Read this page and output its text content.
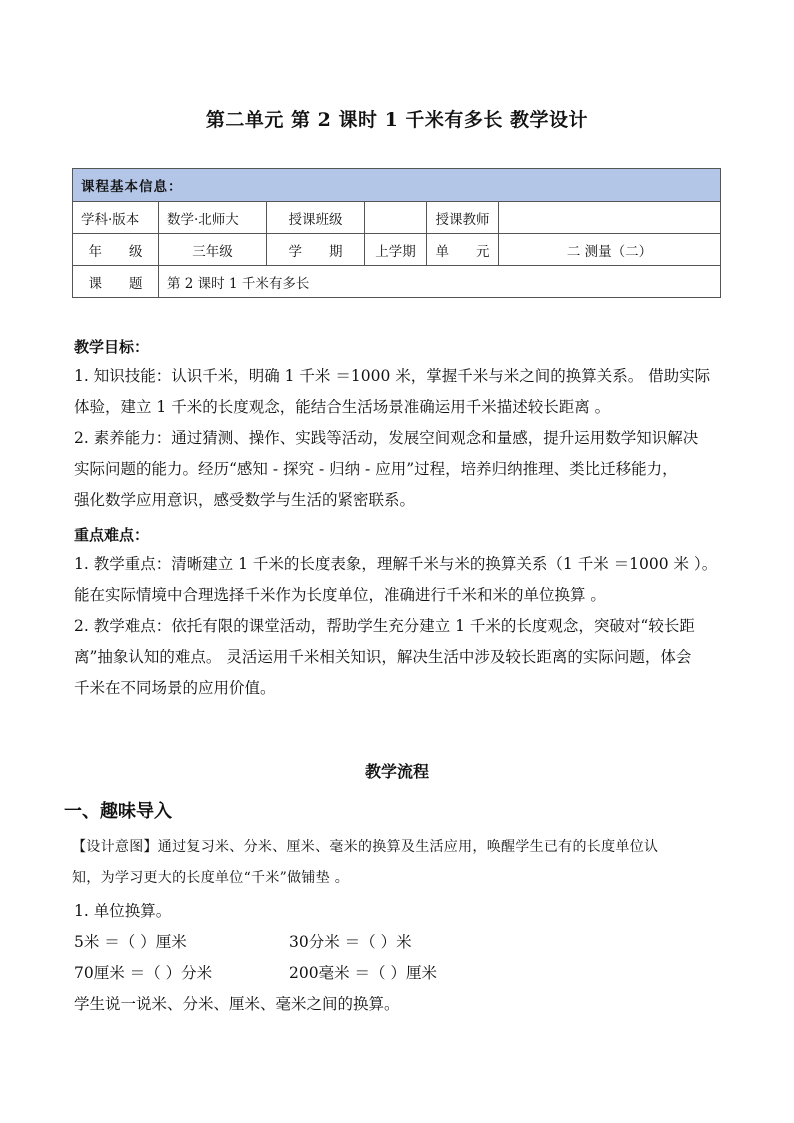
第二单元 第 2 课时 1 千米有多长 教学设计
课程基本信息：					
学科·版本	数学·北师大	授课班级		授课教师	
年　　级	三年级	学　　期	上学期	单　　元	二 测量（二）
课　　题	第 2 课时 1 千米有多长				
教学目标：
1. 知识技能：认识千米，明确 1 千米 ＝1000 米，掌握千米与米之间的换算关系。 借助实际
体验，建立 1 千米的长度观念，能结合生活场景准确运用千米描述较长距离 。
2. 素养能力：通过猜测、操作、实践等活动，发展空间观念和量感，提升运用数学知识解决
实际问题的能力。经历“感知 - 探究 - 归纳 - 应用”过程，培养归纳推理、类比迁移能力，
强化数学应用意识，感受数学与生活的紧密联系。
重点难点：
1. 教学重点：清晰建立 1 千米的长度表象，理解千米与米的换算关系（1 千米 ＝1000 米 ）。
能在实际情境中合理选择千米作为长度单位，准确进行千米和米的单位换算 。
2. 教学难点：依托有限的课堂活动，帮助学生充分建立 1 千米的长度观念，突破对“较长距
离”抽象认知的难点。 灵活运用千米相关知识，解决生活中涉及较长距离的实际问题，体会
千米在不同场景的应用价值。
教学流程
一、趣味导入
【设计意图】通过复习米、分米、厘米、毫米的换算及生活应用，唤醒学生已有的长度单位认
知，为学习更大的长度单位“千米”做铺垫 。
1. 单位换算。
5米 ＝（ ）厘米	30分米 ＝（ ）米
70厘米 ＝（ ）分米	200毫米 ＝（ ）厘米
学生说一说米、分米、厘米、毫米之间的换算。
